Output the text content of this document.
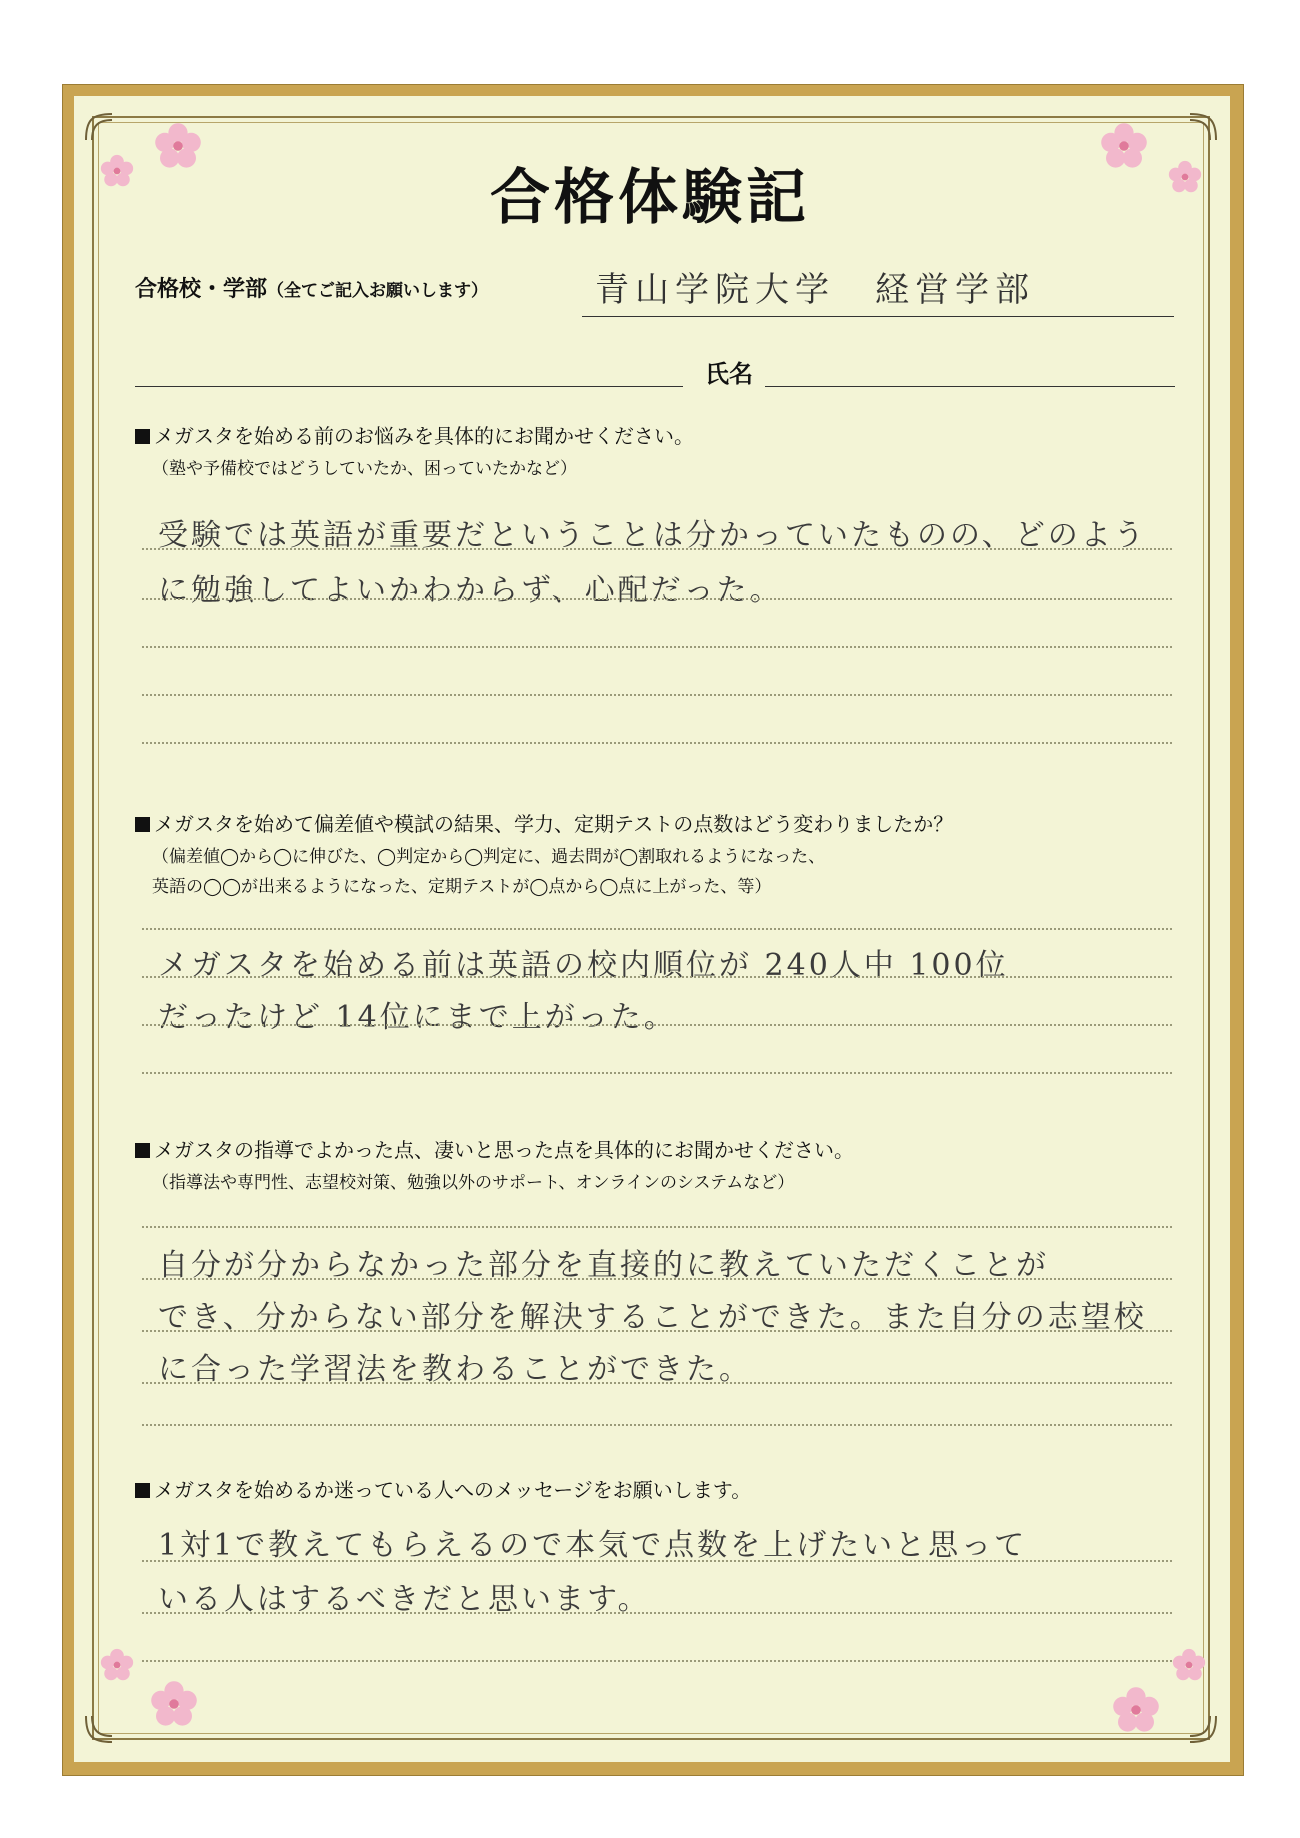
合格体験記
合格校・学部（全てご記入お願いします）	青山学院大学　経営学部
氏名
メガスタを始める前のお悩みを具体的にお聞かせください。
（塾や予備校ではどうしていたか、困っていたかなど）
受験では英語が重要だということは分かっていたものの、どのよう
に勉強してよいかわからず、心配だった。
メガスタを始めて偏差値や模試の結果、学力、定期テストの点数はどう変わりましたか？
（偏差値◯から◯に伸びた、◯判定から◯判定に、過去問が◯割取れるようになった、
英語の◯◯が出来るようになった、定期テストが◯点から◯点に上がった、等）
メガスタを始める前は英語の校内順位が 240人中 100位
だったけど 14位にまで上がった。
メガスタの指導でよかった点、凄いと思った点を具体的にお聞かせください。
（指導法や専門性、志望校対策、勉強以外のサポート、オンラインのシステムなど）
自分が分からなかった部分を直接的に教えていただくことが
でき、分からない部分を解決することができた。また自分の志望校
に合った学習法を教わることができた。
メガスタを始めるか迷っている人へのメッセージをお願いします。
1対1で教えてもらえるので本気で点数を上げたいと思って
いる人はするべきだと思います。
